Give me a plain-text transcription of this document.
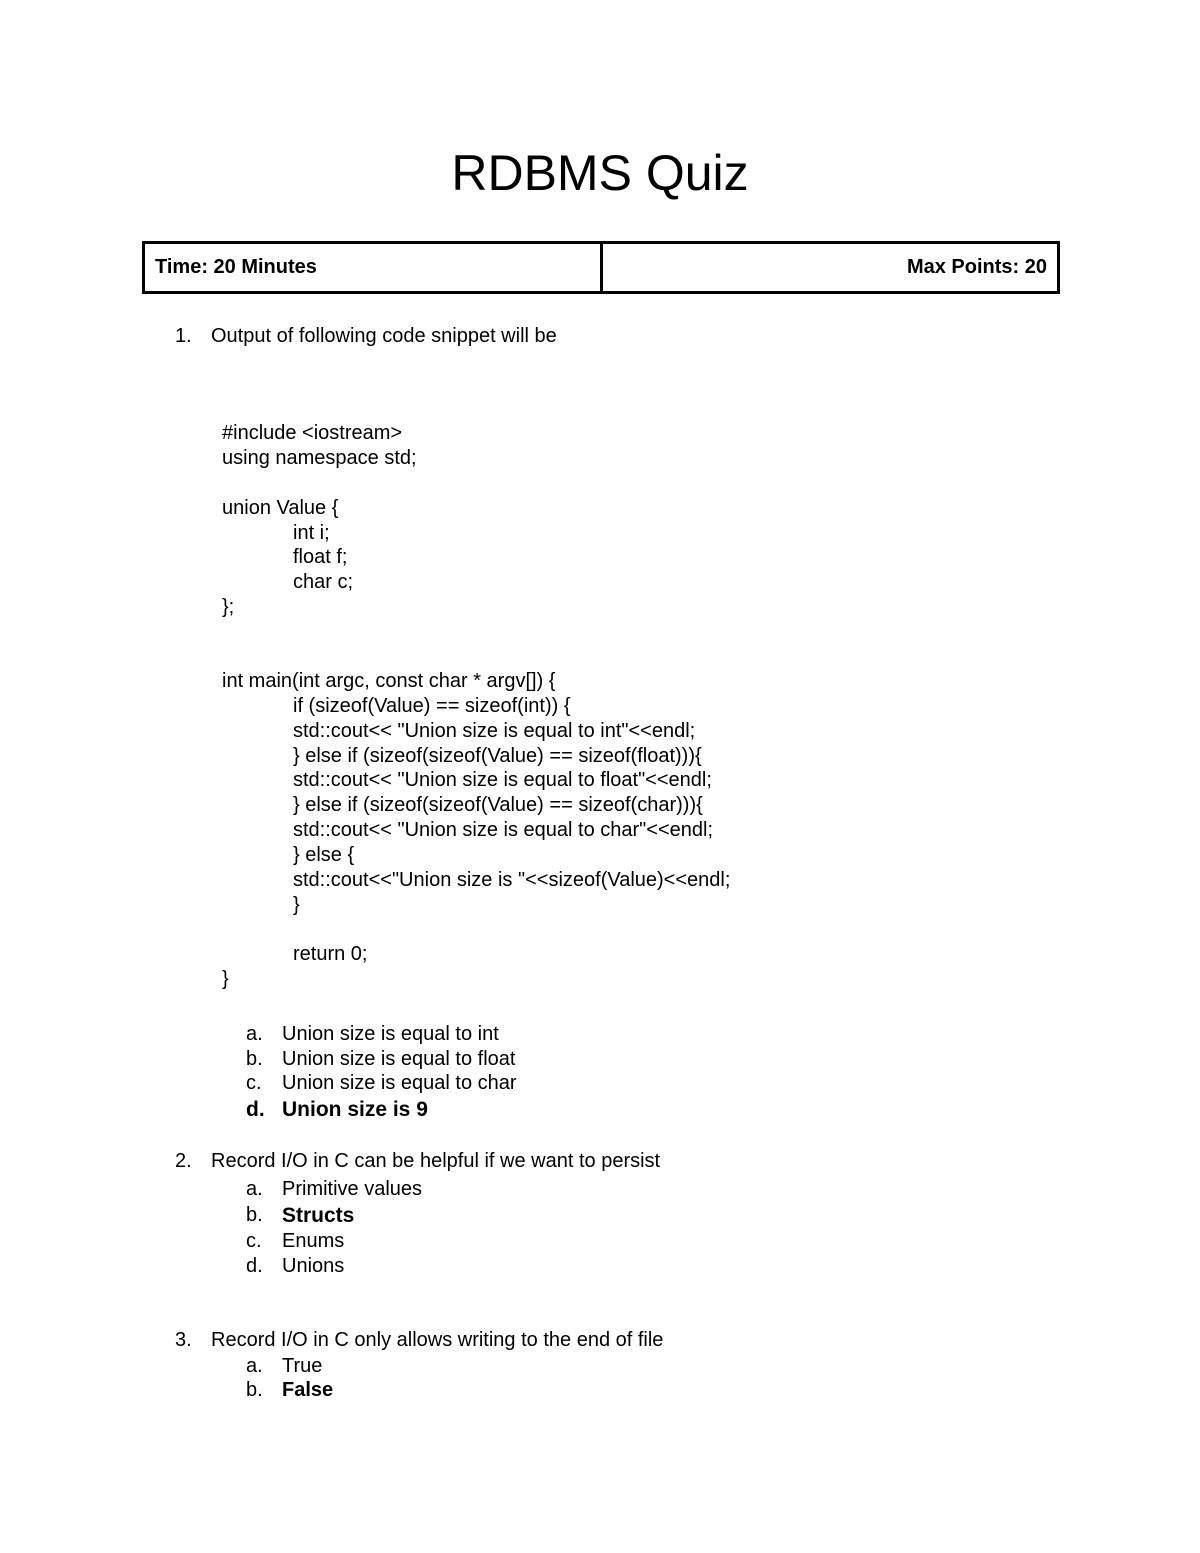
RDBMS Quiz
Time: 20 Minutes	Max Points: 20
1. Output of following code snippet will be
#include <iostream>
using namespace std;
union Value {
int i;
float f;
char c;
};
int main(int argc, const char * argv[]) {
if (sizeof(Value) == sizeof(int)) {
std::cout<< "Union size is equal to int"<<endl;
} else if (sizeof(sizeof(Value) == sizeof(float))){
std::cout<< "Union size is equal to float"<<endl;
} else if (sizeof(sizeof(Value) == sizeof(char))){
std::cout<< "Union size is equal to char"<<endl;
} else {
std::cout<<"Union size is "<<sizeof(Value)<<endl;
}
return 0;
}
a. Union size is equal to int
b. Union size is equal to float
c. Union size is equal to char
d. Union size is 9
2. Record I/O in C can be helpful if we want to persist
a. Primitive values
b. Structs
c. Enums
d. Unions
3. Record I/O in C only allows writing to the end of file
a. True
b. False
